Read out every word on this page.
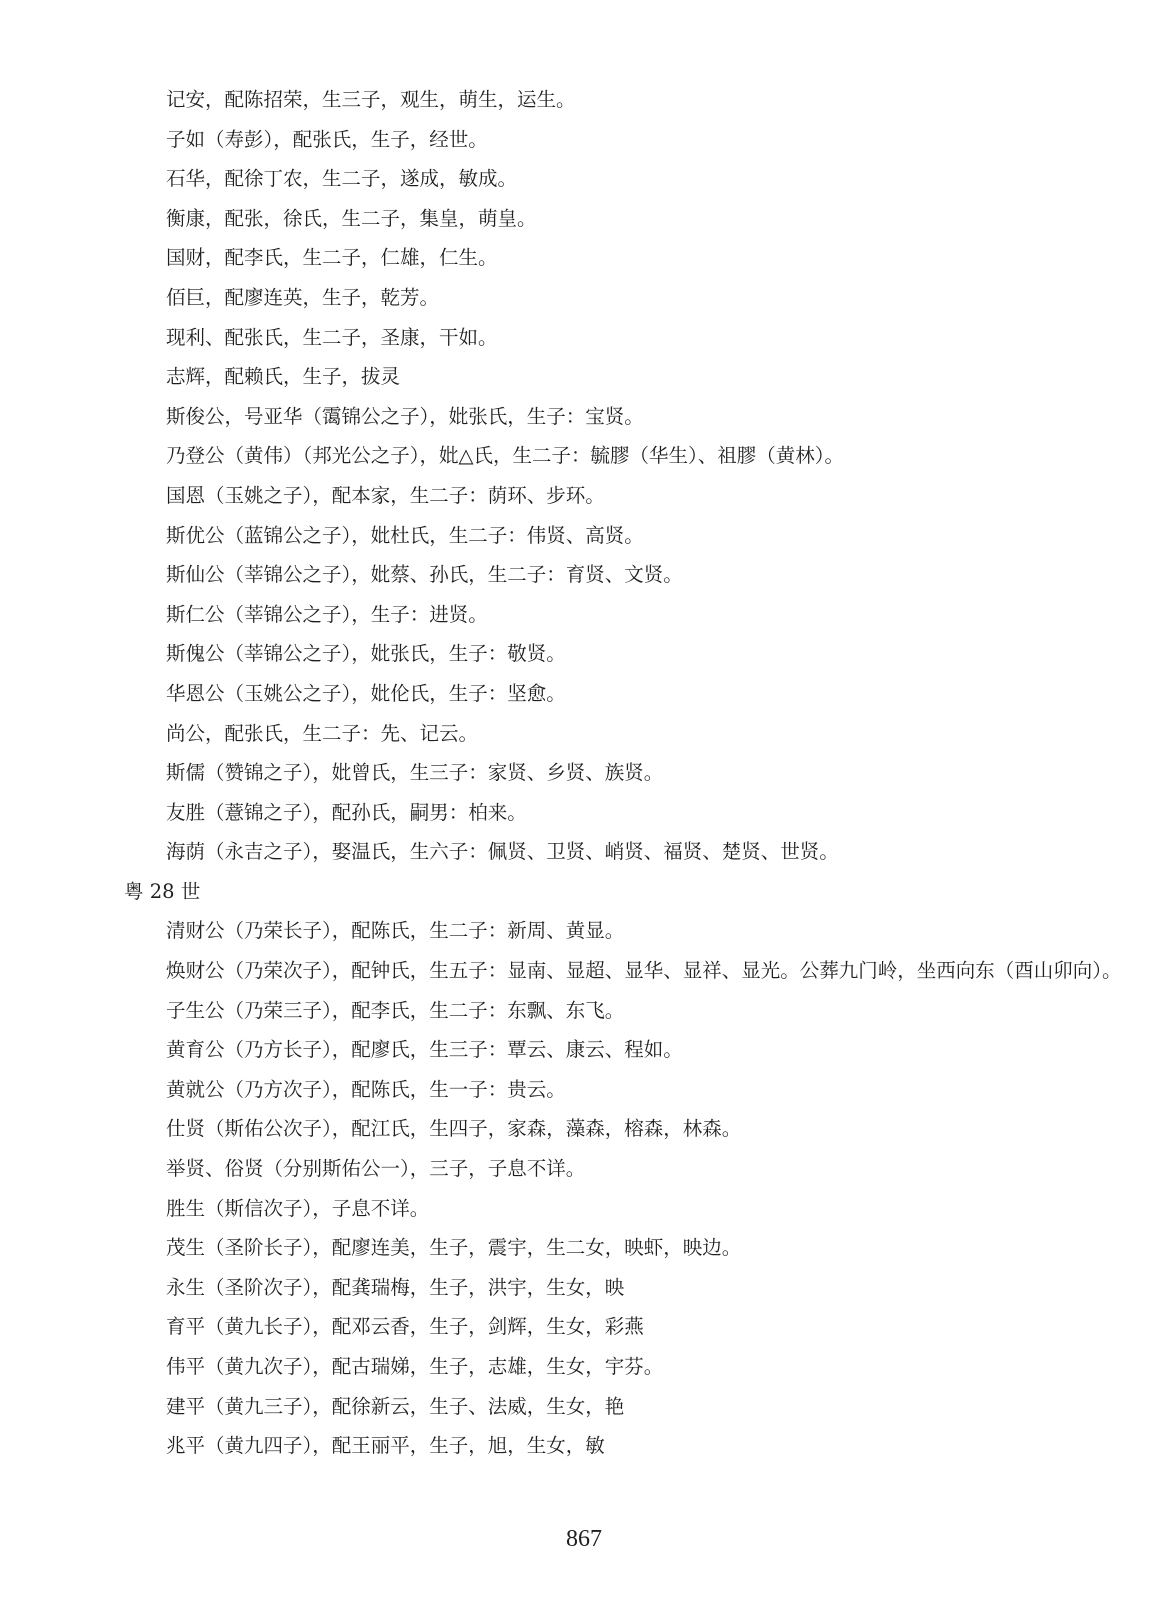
记安，配陈招荣，生三子，观生，萌生，运生。

子如（寿彭），配张氏，生子，经世。

石华，配徐丁农，生二子，遂成，敏成。

衡康，配张，徐氏，生二子，集皇，萌皇。

国财，配李氏，生二子，仁雄，仁生。

佰巨，配廖连英，生子，乾芳。

现利、配张氏，生二子，圣康，干如。

志辉，配赖氏，生子，拔灵

斯俊公，号亚华（霭锦公之子），妣张氏，生子：宝贤。

乃登公（黄伟）（邦光公之子），妣△氏，生二子：毓膠（华生）、祖膠（黄林）。

国恩（玉姚之子），配本家，生二子：荫环、步环。

斯优公（蓝锦公之子），妣杜氏，生二子：伟贤、高贤。

斯仙公（莘锦公之子），妣蔡、孙氏，生二子：育贤、文贤。

斯仁公（莘锦公之子），生子：进贤。

斯傀公（莘锦公之子），妣张氏，生子：敬贤。

华恩公（玉姚公之子），妣伦氏，生子：坚愈。

尚公，配张氏，生二子：先、记云。

斯儒（赞锦之子），妣曾氏，生三子：家贤、乡贤、族贤。

友胜（薏锦之子），配孙氏，嗣男：柏来。

海荫（永吉之子），娶温氏，生六子：佩贤、卫贤、峭贤、福贤、楚贤、世贤。

粤 28 世

清财公（乃荣长子），配陈氏，生二子：新周、黄显。

焕财公（乃荣次子），配钟氏，生五子：显南、显超、显华、显祥、显光。公葬九门岭，坐西向东（酉山卯向）。

子生公（乃荣三子），配李氏，生二子：东飘、东飞。

黄育公（乃方长子），配廖氏，生三子：覃云、康云、程如。

黄就公（乃方次子），配陈氏，生一子：贵云。

仕贤（斯佑公次子），配江氏，生四子，家森，藻森，榕森，林森。

举贤、俗贤（分别斯佑公一），三子，子息不详。

胜生（斯信次子），子息不详。

茂生（圣阶长子），配廖连美，生子，震宇，生二女，映虾，映边。

永生（圣阶次子），配龚瑞梅，生子，洪宇，生女，映

育平（黄九长子），配邓云香，生子，剑辉，生女，彩燕

伟平（黄九次子），配古瑞娣，生子，志雄，生女，宇芬。

建平（黄九三子），配徐新云，生子、法威，生女，艳

兆平（黄九四子），配王丽平，生子，旭，生女，敏

867
